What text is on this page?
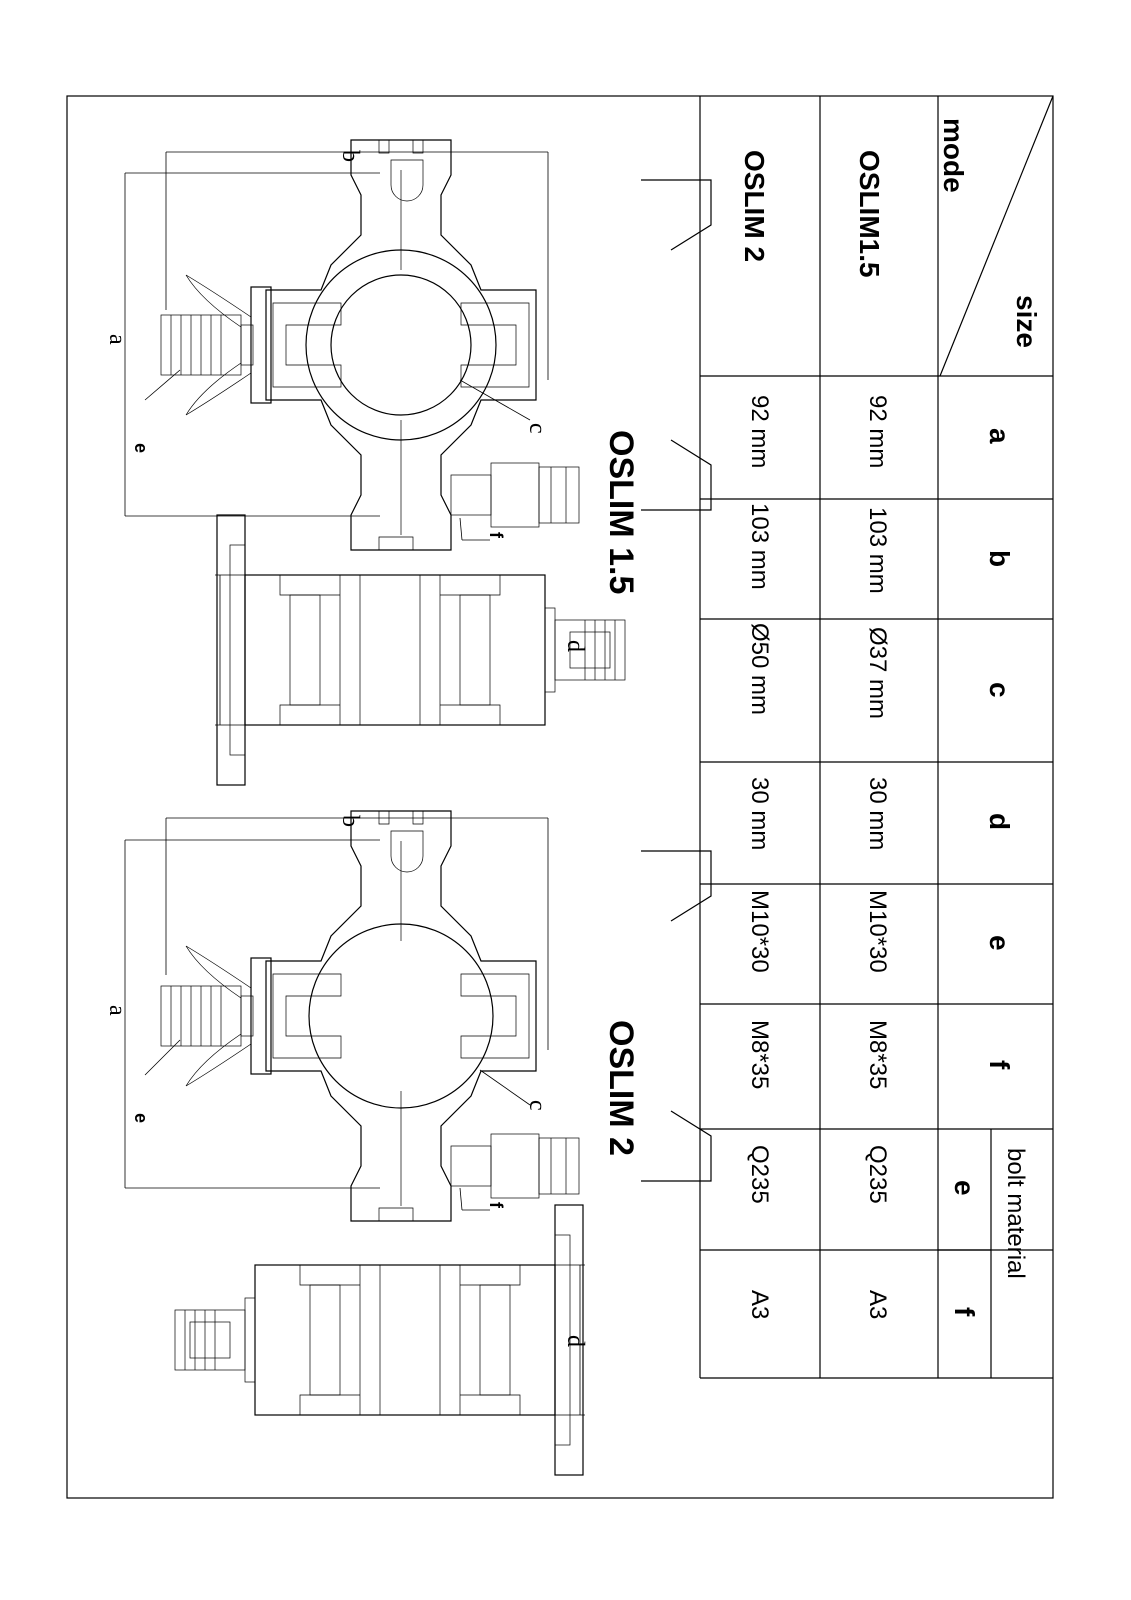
size
mode
OSLIM1.5
OSLIM 2
a
b
c
d
e
f
bolt material
e
f
92 mm
103 mm
Ø37 mm
30 mm
M10*30
M8*35
Q235
A3
92 mm
103 mm
Ø50 mm
30 mm
M10*30
M8*35
Q235
A3
OSLIM 1.5
OSLIM 2
b
a
c
e
f
b
a
c
e
f
d
d
